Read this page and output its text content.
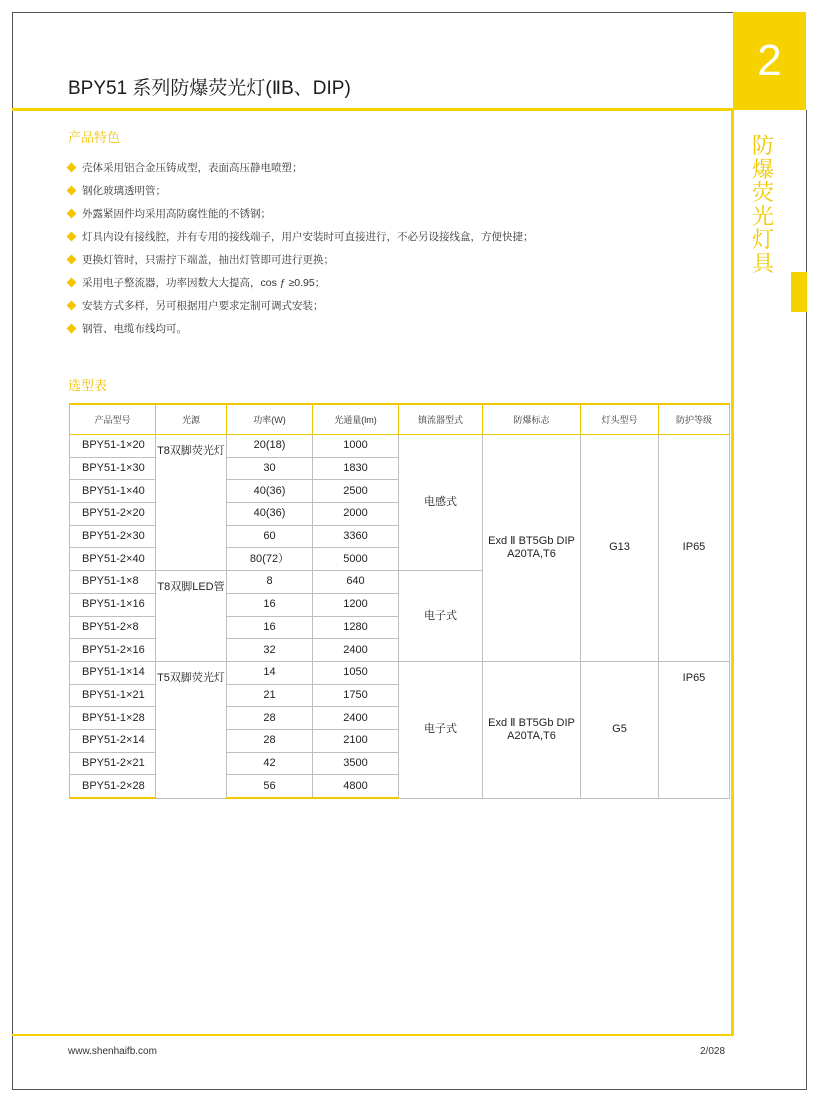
2
防
爆
荧
光
灯
具
BPY51 系列防爆荧光灯(ⅡB、DIP)
产品特色
壳体采用铝合金压铸成型，表面高压静电喷塑；
钢化玻璃透明管；
外露紧固件均采用高防腐性能的不锈钢；
灯具内设有接线腔，并有专用的接线端子，用户安装时可直接进行，不必另设接线盒，方便快捷；
更换灯管时，只需拧下端盖，抽出灯管即可进行更换；
采用电子整流器，功率因数大大提高，cos ƒ ≥0.95；
安装方式多样，另可根据用户要求定制可调式安装；
钢管、电缆布线均可。
选型表
产品型号	光源	功率(W)	光通量(lm)	镇流器型式	防爆标志	灯头型号	防护等级
BPY51-1×20	T8双脚荧光灯	20(18)	1000	电感式	Exd Ⅱ BT5Gb DIP A20TA,T6	G13	IP65
BPY51-1×30		30	1830				
BPY51-1×40		40(36)	2500				
BPY51-2×20		40(36)	2000				
BPY51-2×30		60	3360				
BPY51-2×40		80(72）	5000				
BPY51-1×8	T8双脚LED管	8	640	电子式			
BPY51-1×16		16	1200				
BPY51-2×8		16	1280				
BPY51-2×16		32	2400				
BPY51-1×14	T5双脚荧光灯	14	1050	电子式	Exd Ⅱ BT5Gb DIP A20TA,T6	G5	IP65
BPY51-1×21		21	1750				
BPY51-1×28		28	2400				
BPY51-2×14		28	2100				
BPY51-2×21		42	3500				
BPY51-2×28		56	4800				
www.shenhaifb.com	2/028
